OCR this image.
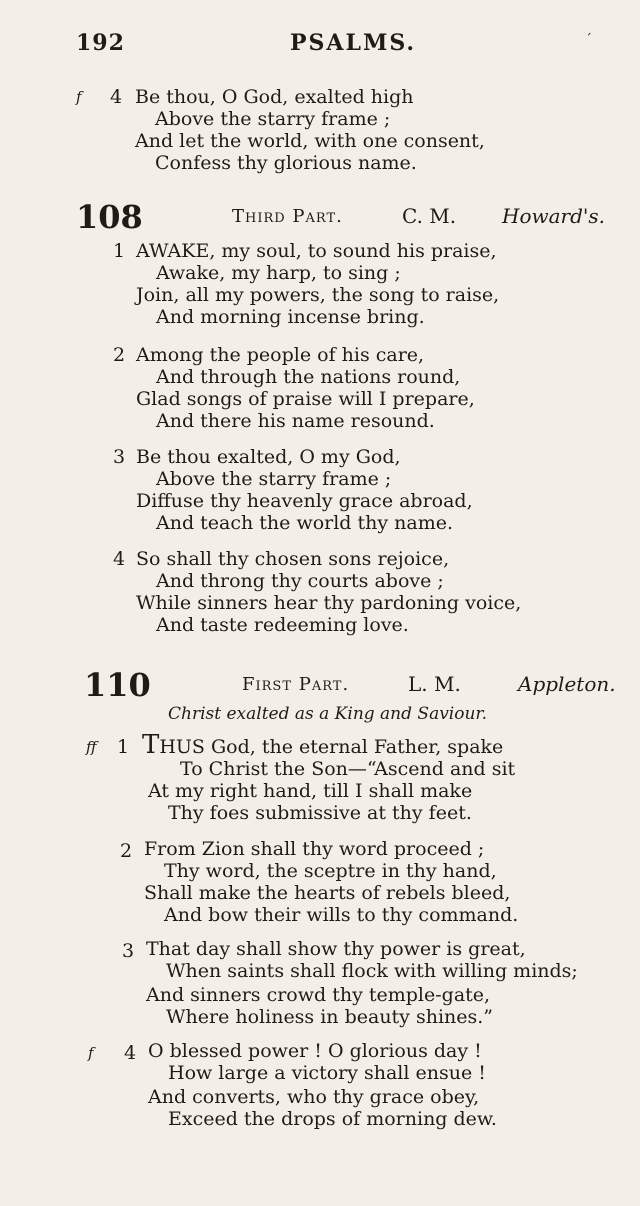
192	PSALMS.	´
f 4 Be thou, O God, exalted high
Above the starry frame ;
And let the world, with one consent,
Confess thy glorious name.
108	Third Part.	C. M. Howard's.
1 AWAKE, my soul, to sound his praise,
Awake, my harp, to sing ;
Join, all my powers, the song to raise,
And morning incense bring.
2 Among the people of his care,
And through the nations round,
Glad songs of praise will I prepare,
And there his name resound.
3 Be thou exalted, O my God,
Above the starry frame ;
Diffuse thy heavenly grace abroad,
And teach the world thy name.
4 So shall thy chosen sons rejoice,
And throng thy courts above ;
While sinners hear thy pardoning voice,
And taste redeeming love.
110	First Part.	L. M.	Appleton.
Christ exalted as a King and Saviour.
ff 1 THUS God, the eternal Father, spake
To Christ the Son—“Ascend and sit
At my right hand, till I shall make
Thy foes submissive at thy feet.
2 From Zion shall thy word proceed ;
Thy word, the sceptre in thy hand,
Shall make the hearts of rebels bleed,
And bow their wills to thy command.
3 That day shall show thy power is great,
When saints shall flock with willing minds;
And sinners crowd thy temple-gate,
Where holiness in beauty shines.”
f 4 O blessed power ! O glorious day !
How large a victory shall ensue !
And converts, who thy grace obey,
Exceed the drops of morning dew.
